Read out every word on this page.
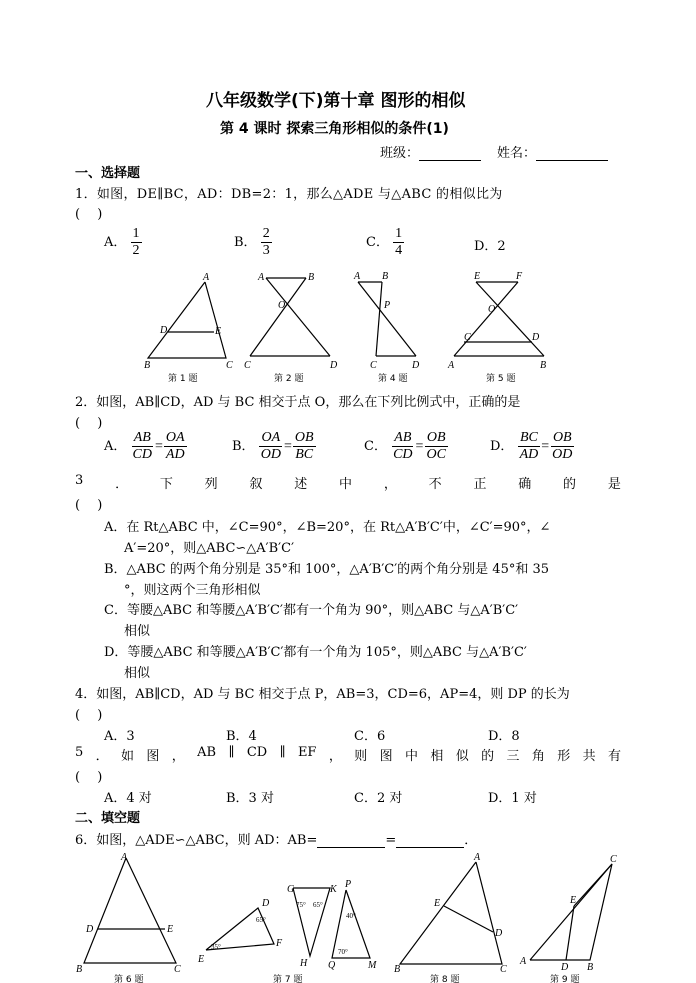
八年级数学(下)第十章 图形的相似
第 4 课时 探索三角形相似的条件(1)
班级：	姓名：
一、选择题
1．如图，DE∥BC，AD：DB=2：1，那么△ADE 与△ABC 的相似比为
(　 )
A． $\frac{1}{2}$	B． $\frac{2}{3}$	C． $\frac{1}{4}$	D．2
A
B	C
D	E
第 1 题
A	B
O
C	D
第 2 题
A B
P
C	D
第 4 题
E	F
O
C	D
A	B
第 5 题
2．如图，AB∥CD，AD 与 BC 相交于点 O，那么在下列比例式中，正确的是
(　 )
A． $\frac{AB}{CD} = \frac{OA}{AD}$	B． $\frac{OA}{OD} = \frac{OB}{BC}$	C． $\frac{AB}{CD} = \frac{OB}{OC}$	D． $\frac{BC}{AD} = \frac{OB}{OD}$
3 ． 下 列 叙 述 中 ， 不 正 确 的 是
(　 )
A．在 Rt△ABC 中，∠C=90°，∠B=20°，在 Rt△A′B′C′中，∠C′=90°，∠
A′=20°，则△ABC∽△A′B′C′
B．△ABC 的两个角分别是 35°和 100°，△A′B′C′的两个角分别是 45°和 35
°，则这两个三角形相似
C．等腰△ABC 和等腰△A′B′C′都有一个角为 90°，则△ABC 与△A′B′C′
相似
D．等腰△ABC 和等腰△A′B′C′都有一个角为 105°，则△ABC 与△A′B′C′
相似
4．如图，AB∥CD，AD 与 BC 相交于点 P，AB=3，CD=6，AP=4，则 DP 的长为
(　 )
A．3	B．4	C．6	D．8
5 ． 如 图 ， AB ∥ CD ∥ EF ， 则 图 中 相 似 的 三 角 形 共 有
(　 )
A．4 对	B．3 对	C．2 对	D．1 对
二、填空题
6．如图，△ADE∽△ABC，则 AD：AB=	=	．
A
D	E
B	C
第 6 题
D
F
E
65°
35°
G	K
H
75° 65°
P
Q	M
40°
70°
第 7 题
A
E
D
B	C
第 8 题
C
E
A
D B
第 9 题
